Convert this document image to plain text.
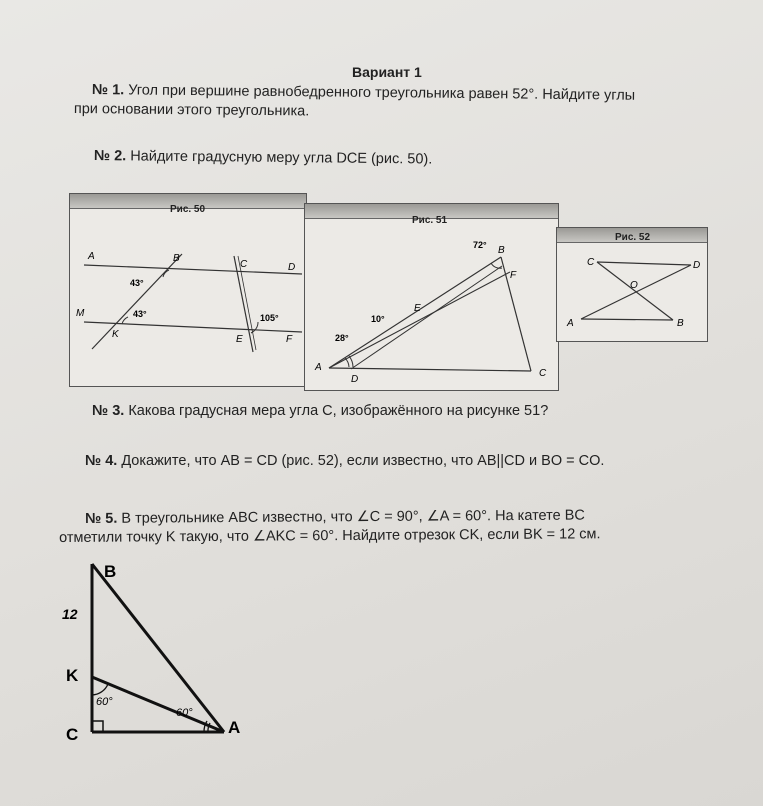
Вариант 1
№ 1. Угол при вершине равнобедренного треугольника равен 52°. Найдите углы
при основании этого треугольника.
№ 2. Найдите градусную меру угла DCE (рис. 50).
Рис. 50
A	B
C	D
M
K	E	F
43°
43°	105°
Рис. 51
A
B
C
D
E
F
72°
28°
10°
Рис. 52
C	D
O
A	B
№ 3. Какова градусная мера угла C, изображённого на рисунке 51?
№ 4. Докажите, что AB = CD (рис. 52), если известно, что AB||CD и BO = CO.
№ 5. В треугольнике ABC известно, что ∠C = 90°, ∠A = 60°. На катете BC
отметили точку K такую, что ∠AKC = 60°. Найдите отрезок CK, если BK = 12 см.
B
12
K
60°
60°
C	A
